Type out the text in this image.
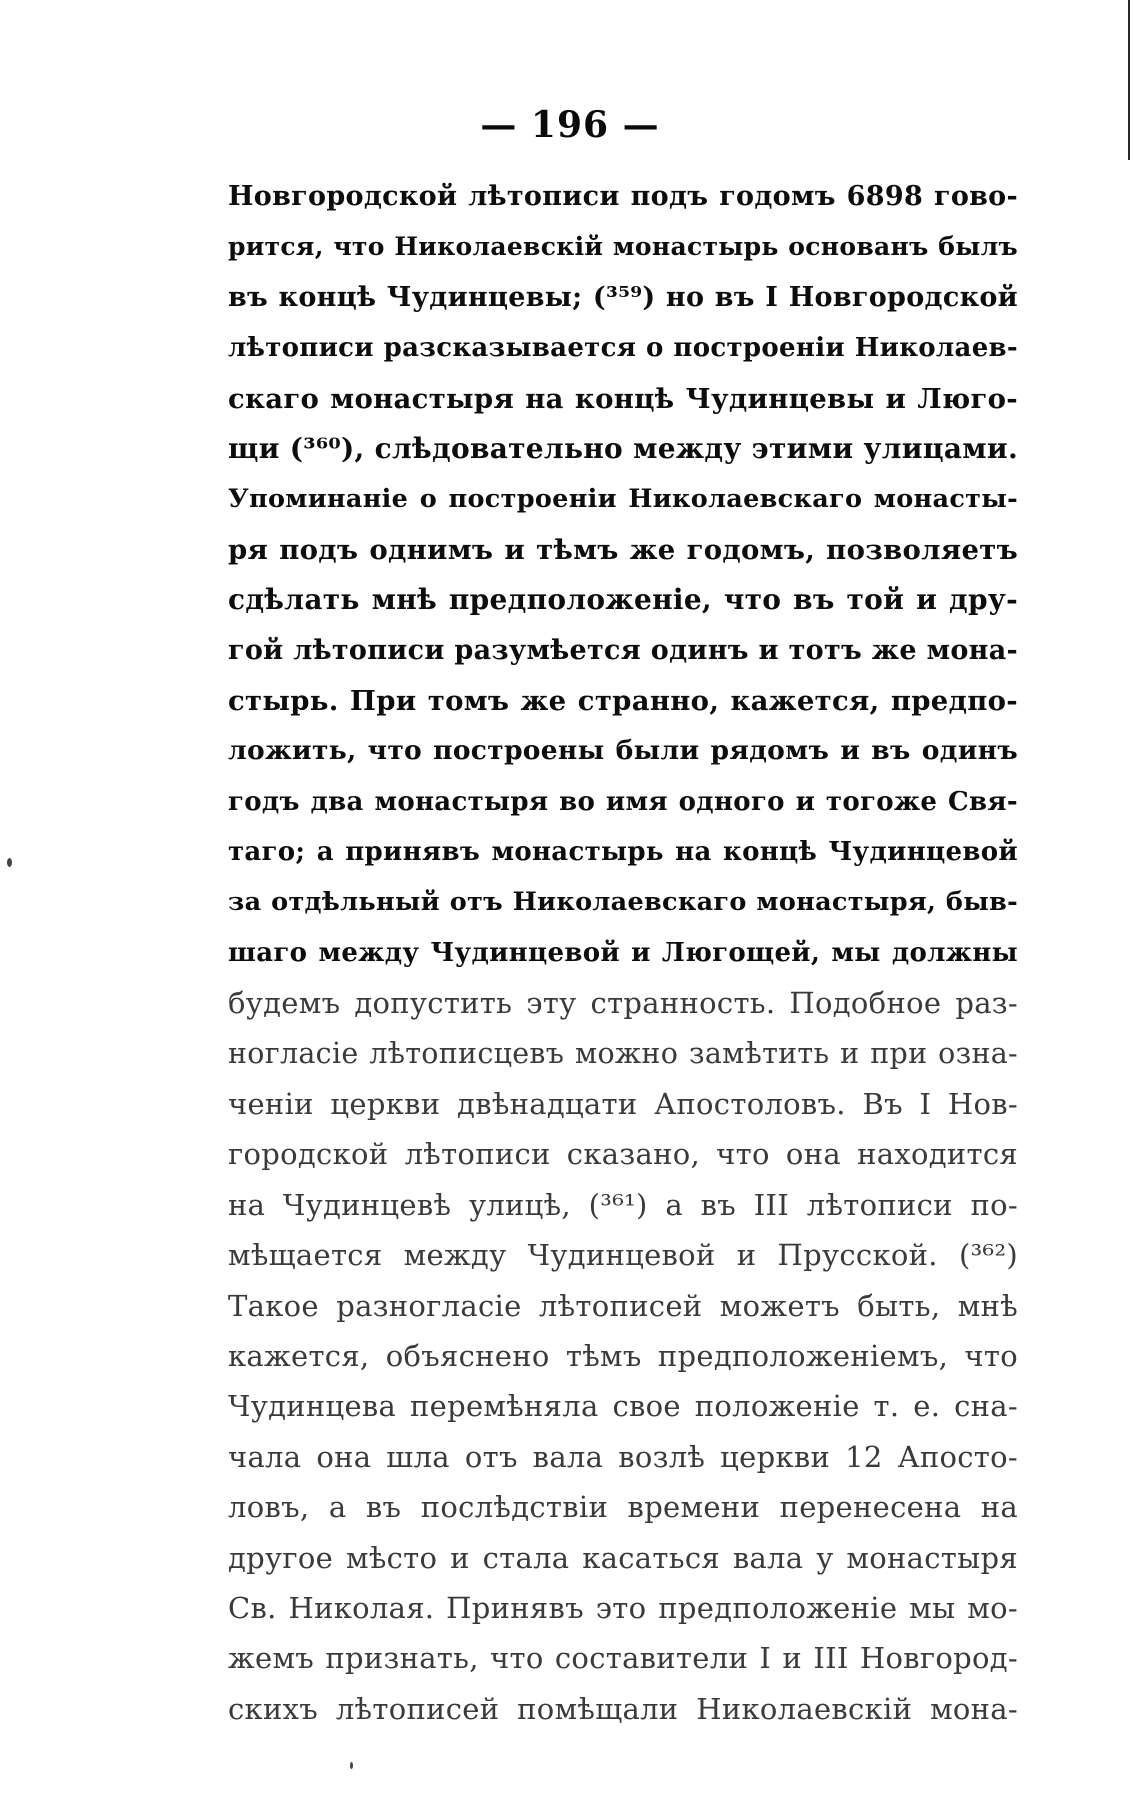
— 196 —
Новгородской лѣтописи подъ годомъ 6898 гово-
рится, что Николаевскій монастырь основанъ былъ
въ концѣ Чудинцевы; (³⁵⁹) но въ I Новгородской
лѣтописи разсказывается о построеніи Николаев-
скаго монастыря на концѣ Чудинцевы и Люго-
щи (³⁶⁰), слѣдовательно между этими улицами.
Упоминаніе о построеніи Николаевскаго монасты-
ря подъ однимъ и тѣмъ же годомъ, позволяетъ
сдѣлать мнѣ предположеніе, что въ той и дру-
гой лѣтописи разумѣется одинъ и тотъ же мона-
стырь. При томъ же странно, кажется, предпо-
ложить, что построены были рядомъ и въ одинъ
годъ два монастыря во имя одного и тогоже Свя-
таго; а принявъ монастырь на концѣ Чудинцевой
за отдѣльный отъ Николаевскаго монастыря, быв-
шаго между Чудинцевой и Люгощей, мы должны
будемъ допустить эту странность. Подобное раз-
ногласіе лѣтописцевъ можно замѣтить и при озна-
ченіи церкви двѣнадцати Апостоловъ. Въ I Нов-
городской лѣтописи сказано, что она находится
на Чудинцевѣ улицѣ, (³⁶¹) а въ III лѣтописи по-
мѣщается между Чудинцевой и Прусской. (³⁶²)
Такое разногласіе лѣтописей можетъ быть, мнѣ
кажется, объяснено тѣмъ предположеніемъ, что
Чудинцева перемѣняла свое положеніе т. е. сна-
чала она шла отъ вала возлѣ церкви 12 Апосто-
ловъ, а въ послѣдствіи времени перенесена на
другое мѣсто и стала касаться вала у монастыря
Св. Николая. Принявъ это предположеніе мы мо-
жемъ признать, что составители I и III Новгород-
скихъ лѣтописей помѣщали Николаевскій мона-
